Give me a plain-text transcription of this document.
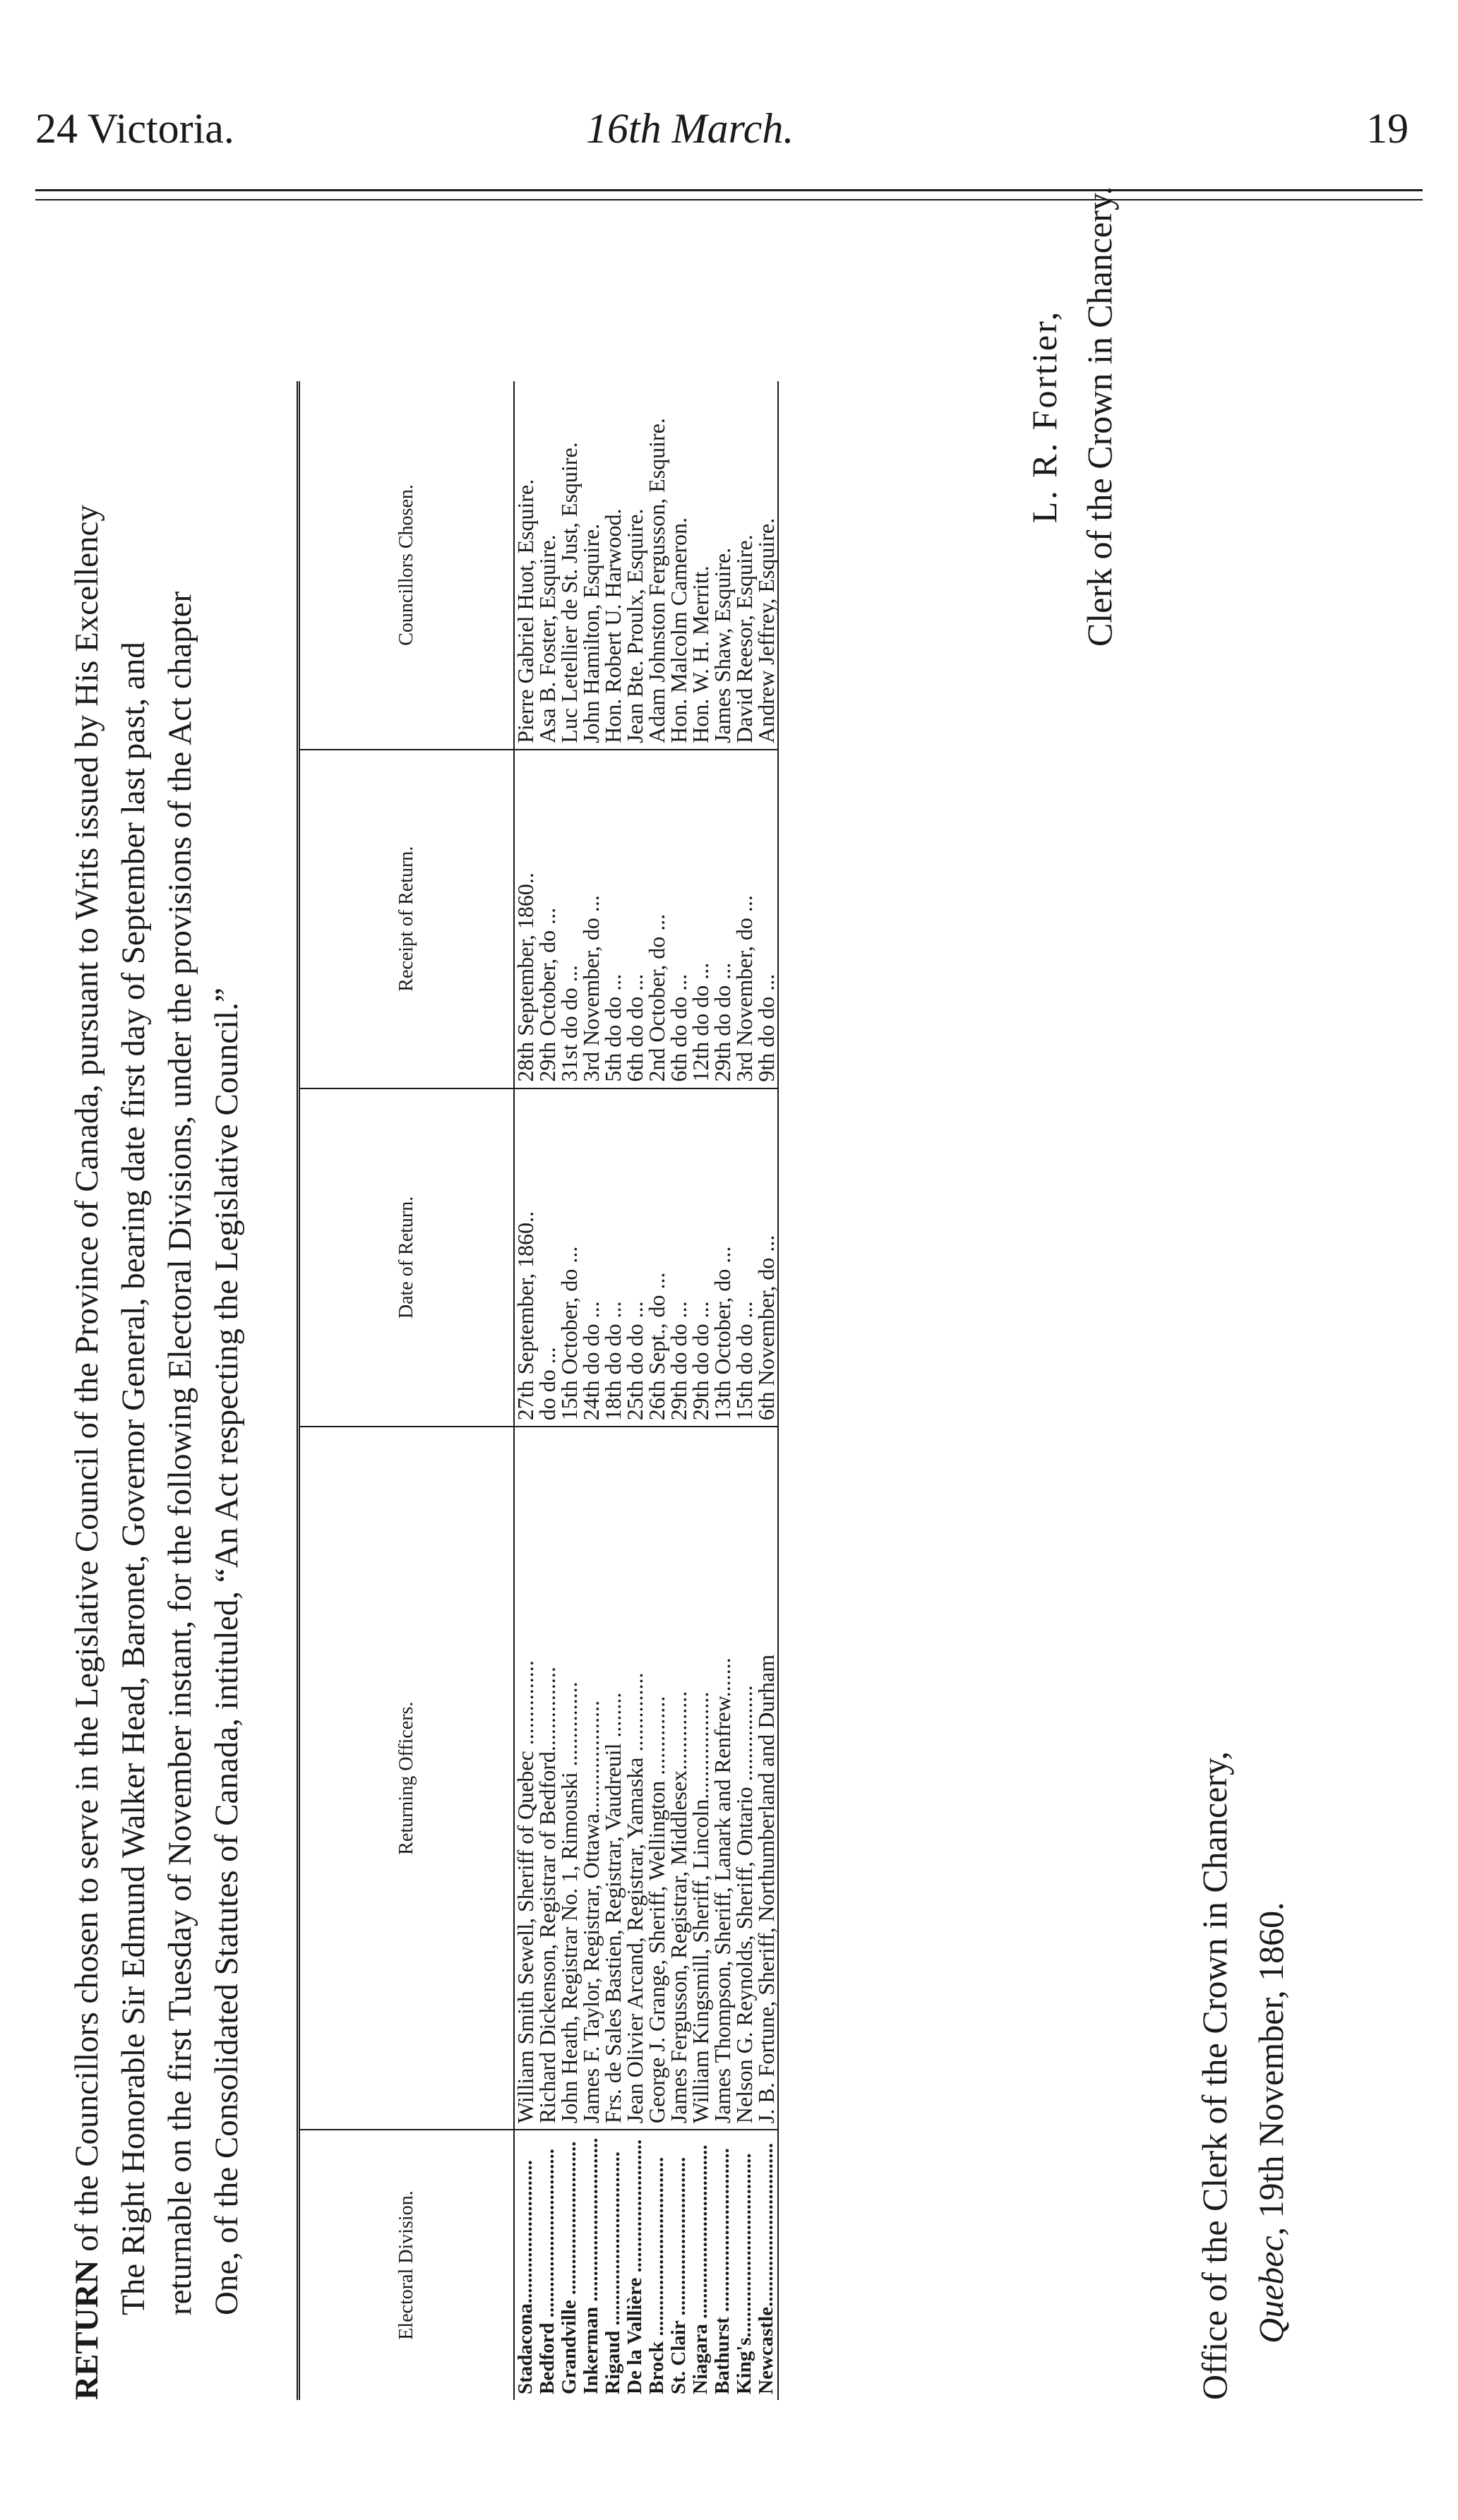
24 Victoria.	16th March.	19

RETURN of the Councillors chosen to serve in the Legislative Council of the Province of Canada, pursuant to Writs issued by His Excellency The Right Honorable Sir Edmund Walker Head, Baronet, Governor General, bearing date first day of September last past, and returnable on the first Tuesday of November instant, for the following Electoral Divisions, under the provisions of the Act chapter One, of the Consolidated Statutes of Canada, intituled, “An Act respecting the Legislative Council.”	Electoral Division.	Returning Officers.	Date of Return.	Receipt of Return.	Councillors Chosen.
Stadacona............................	William Smith Sewell, Sheriff of Quebec ...............	27th September, 1860..	28th September, 1860..	Pierre Gabriel Huot, Esquire.
Bedford .................................	Richard Dickenson, Registrar of Bedford...............	do do ...	29th October, do ...	Asa B. Foster, Esquire.
Grandville ..............................	John Heath, Registrar No. 1, Rimouski ...............	15th October, do ...	31st do do ...	Luc Letellier de St. Just, Esquire.
Inkerman ................................	James F. Taylor, Registrar, Ottawa....................	24th do do ...	3rd November, do ...	John Hamilton, Esquire.
Rigaud ..................................	Frs. de Sales Bastien, Registrar, Vaudreuil ........	18th do do ...	5th do do ...	Hon. Robert U. Harwood.
De la Vallière ..........................	Jean Olivier Arcand, Registrar, Yamaska ..............	25th do do ...	6th do do ...	Jean Bte. Proulx, Esquire.
Brock ...................................	George J. Grange, Sheriff, Wellington ..............	26th Sept., do ...	2nd October, do ...	Adam Johnston Fergusson, Esquire.
St. Clair ...............................	James Fergusson, Registrar, Middlesex..............	29th do do ...	6th do do ...	Hon. Malcolm Cameron.
Niagara ..................................	William Kingsmill, Sheriff, Lincoln...................	29th do do ...	12th do do ...	Hon. W. H. Merritt.
Bathurst ................................	James Thompson, Sheriff, Lanark and Renfrew.......	13th October, do ...	29th do do ...	James Shaw, Esquire.
King's....................................	Nelson G. Reynolds, Sheriff, Ontario .................	15th do do ...	3rd November, do ...	David Reesor, Esquire.
Newcastle................................	J. B. Fortune, Sheriff, Northumberland and Durham	6th November, do ...	9th do do ...	Andrew Jeffrey, Esquire.
L. R. Fortier, Clerk of the Crown in Chancery.
Office of the Clerk of the Crown in Chancery, Quebec, 19th November, 1860.
